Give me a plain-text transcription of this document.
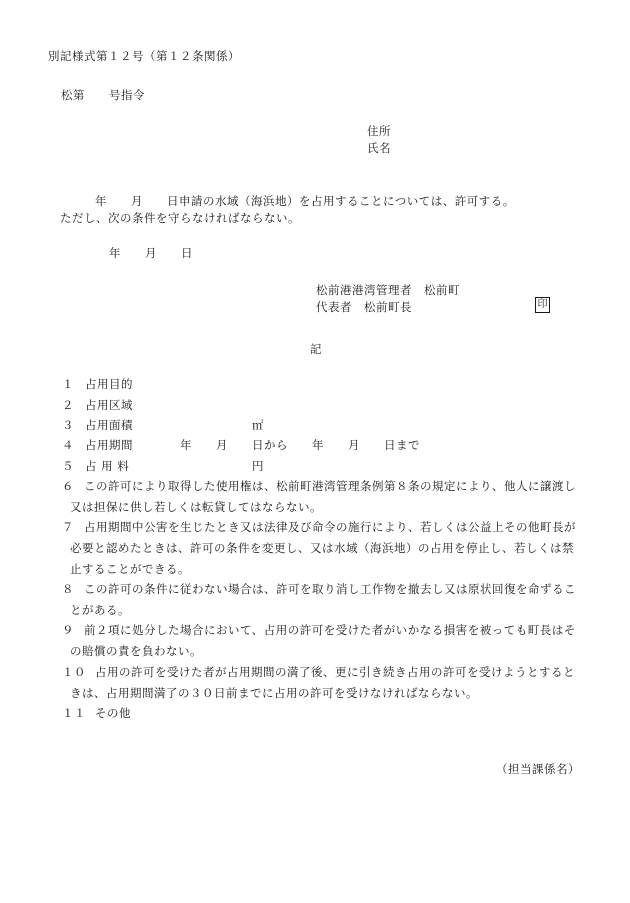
別記様式第１２号（第１２条関係）
松第　　号指令
住所
氏名
年　　月　　日申請の水域（海浜地）を占用することについては、許可する。
ただし、次の条件を守らなければならない。
年　　月　　日
松前港港湾管理者　松前町
代表者　松前町長	印
記
１ 占用目的
２ 占用区域
３ 占用面積	㎡
４ 占用期間	年　　月　　日から　　年　　月　　日まで
５ 占 用 料	円
６ この許可により取得した使用権は、松前町港湾管理条例第８条の規定により、他人に譲渡し
又は担保に供し若しくは転貸してはならない。
７ 占用期間中公害を生じたとき又は法律及び命令の施行により、若しくは公益上その他町長が
必要と認めたときは、許可の条件を変更し、又は水域（海浜地）の占用を停止し、若しくは禁
止することができる。
８ この許可の条件に従わない場合は、許可を取り消し工作物を撤去し又は原状回復を命ずるこ
とがある。
９ 前２項に処分した場合において、占用の許可を受けた者がいかなる損害を被っても町長はそ
の賠償の責を負わない。
１０ 占用の許可を受けた者が占用期間の満了後、更に引き続き占用の許可を受けようとすると
きは、占用期間満了の３０日前までに占用の許可を受けなければならない。
１１ その他
（担当課係名）
